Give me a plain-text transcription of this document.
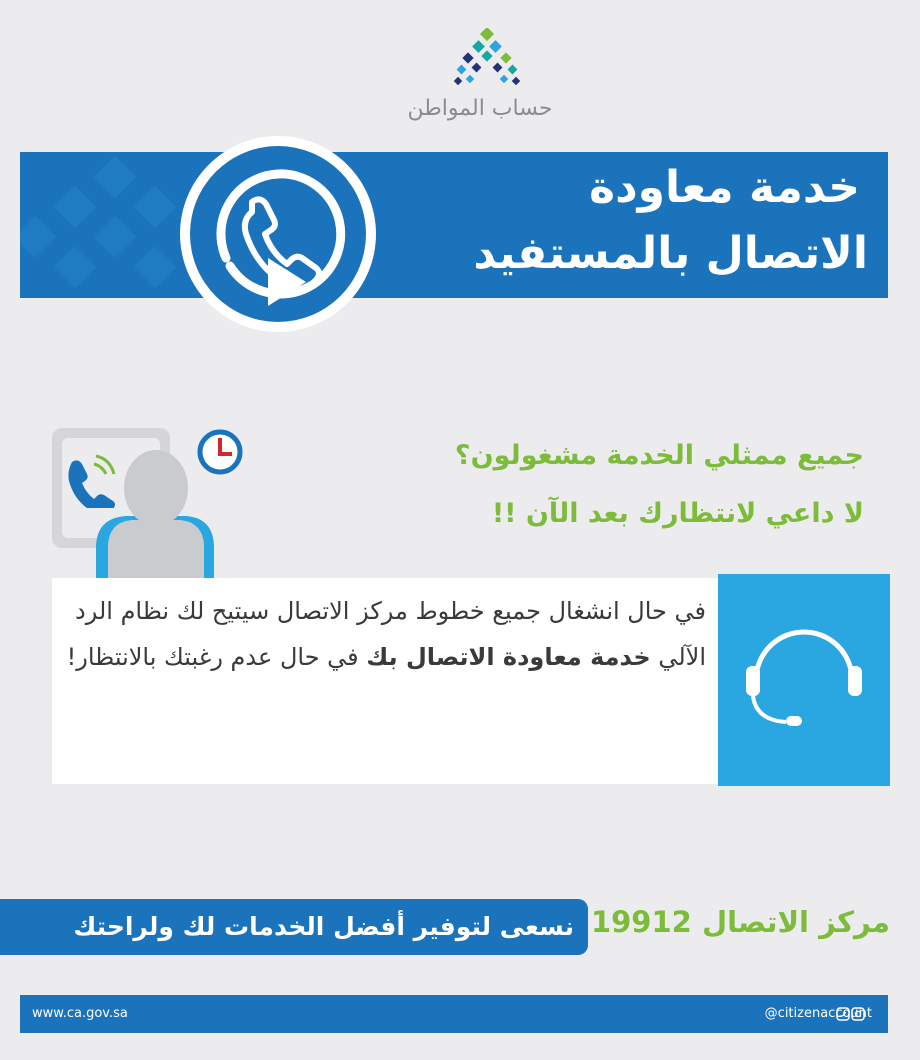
حساب المواطن
خدمة معاودة
الاتصال بالمستفيد
جميع ممثلي الخدمة مشغولون؟
لا داعي لانتظارك بعد الآن !!
في حال انشغال جميع خطوط مركز الاتصال سيتيح لك نظام الرد الآلي خدمة معاودة الاتصال بك في حال عدم رغبتك بالانتظار!
مركز الاتصال 19912
نسعى لتوفير أفضل الخدمات لك ولراحتك
www.ca.gov.sa	@citizenaccount
